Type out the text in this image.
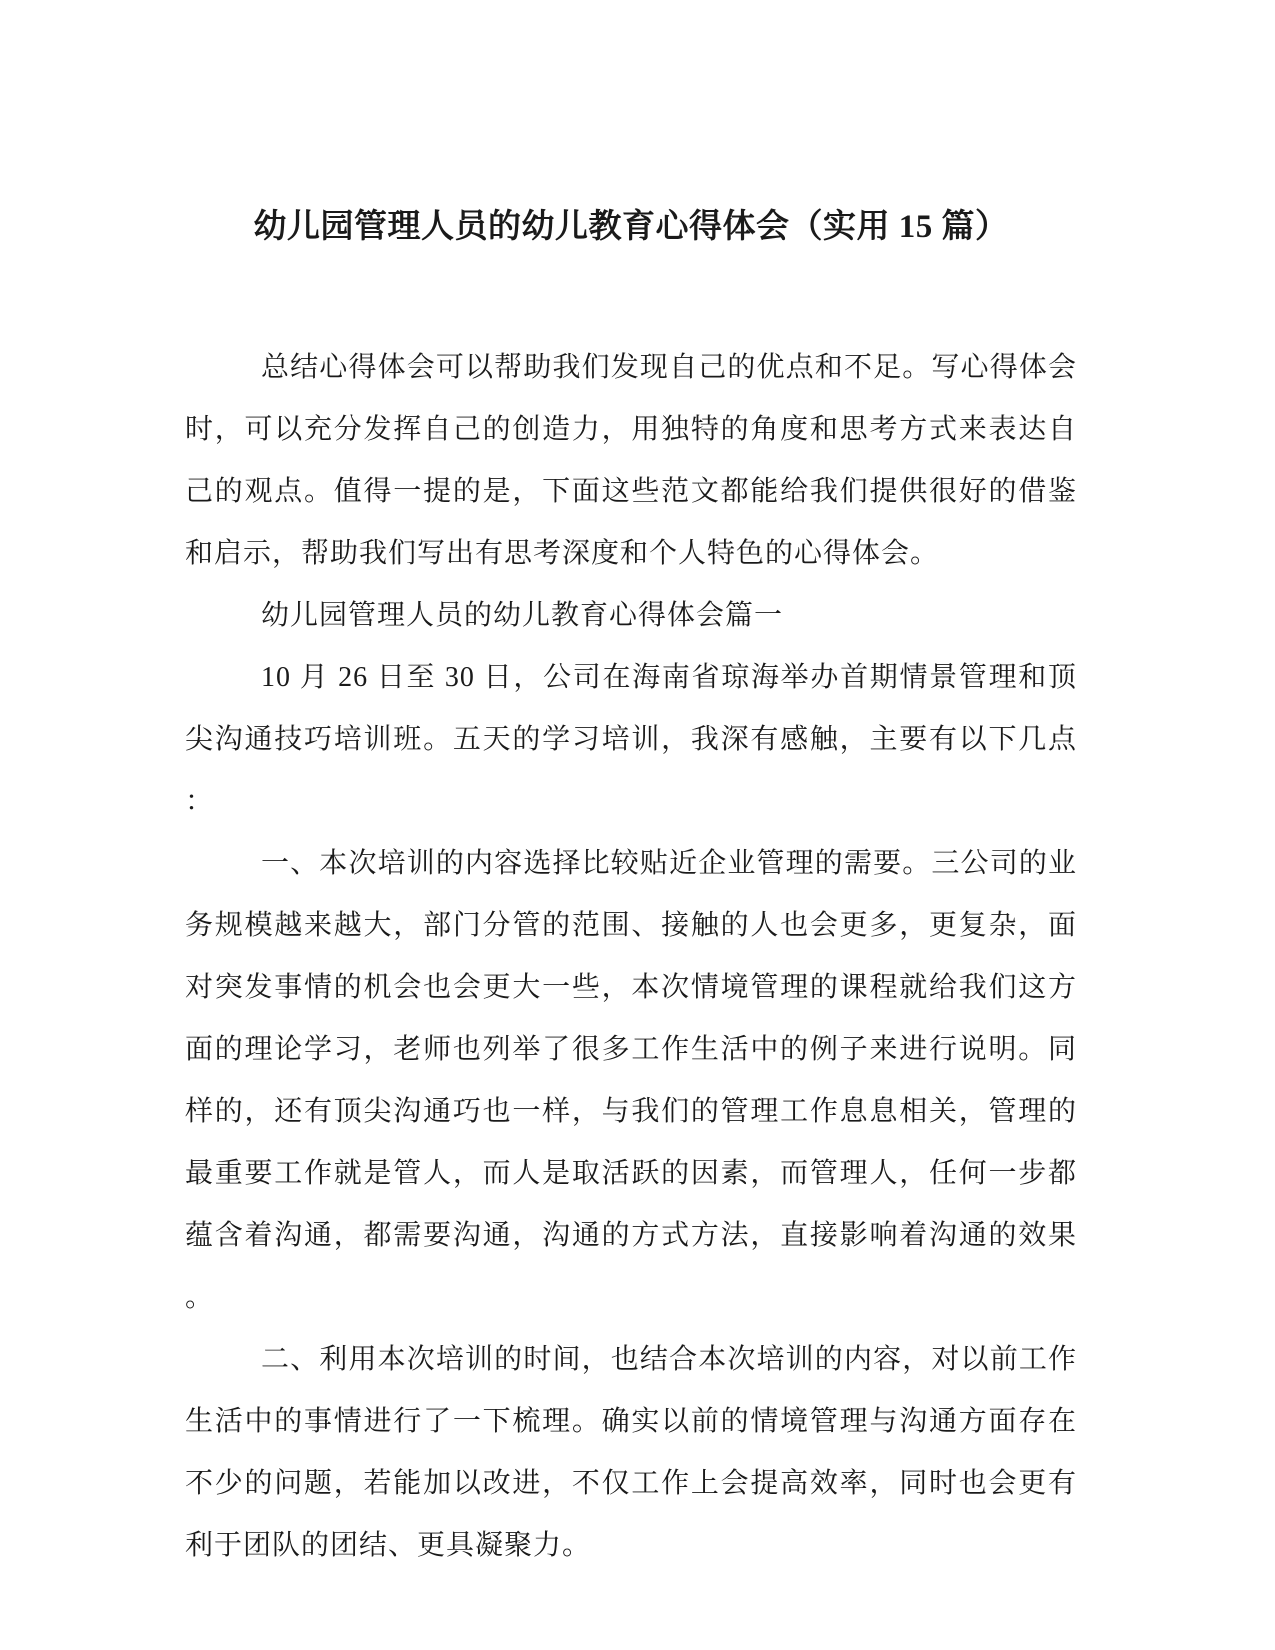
幼儿园管理人员的幼儿教育心得体会（实用 15 篇）

总结心得体会可以帮助我们发现自己的优点和不足。写心得体会时，可以充分发挥自己的创造力，用独特的角度和思考方式来表达自己的观点。值得一提的是，下面这些范文都能给我们提供很好的借鉴和启示，帮助我们写出有思考深度和个人特色的心得体会。

幼儿园管理人员的幼儿教育心得体会篇一

10 月 26 日至 30 日，公司在海南省琼海举办首期情景管理和顶尖沟通技巧培训班。五天的学习培训，我深有感触，主要有以下几点：

一、本次培训的内容选择比较贴近企业管理的需要。三公司的业务规模越来越大，部门分管的范围、接触的人也会更多，更复杂，面对突发事情的机会也会更大一些，本次情境管理的课程就给我们这方面的理论学习，老师也列举了很多工作生活中的例子来进行说明。同样的，还有顶尖沟通巧也一样，与我们的管理工作息息相关，管理的最重要工作就是管人，而人是取活跃的因素，而管理人，任何一步都蕴含着沟通，都需要沟通，沟通的方式方法，直接影响着沟通的效果。

二、利用本次培训的时间，也结合本次培训的内容，对以前工作生活中的事情进行了一下梳理。确实以前的情境管理与沟通方面存在不少的问题，若能加以改进，不仅工作上会提高效率，同时也会更有利于团队的团结、更具凝聚力。
